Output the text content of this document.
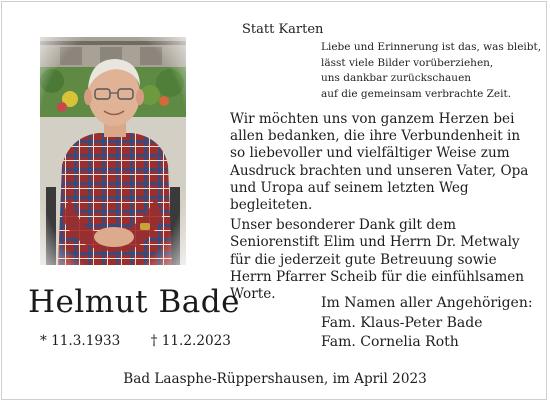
Statt Karten
Liebe und Erinnerung ist das, was bleibt,
lässt viele Bilder vorüberziehen,
uns dankbar zurückschauen
auf die gemeinsam verbrachte Zeit.

Wir möchten uns von ganzem Herzen bei allen bedanken, die ihre Verbundenheit in so liebevoller und vielfältiger Weise zum Ausdruck brachten und unseren Vater, Opa und Uropa auf seinem letzten Weg begleiteten.

Unser besonderer Dank gilt dem Seniorenstift Elim und Herrn Dr. Metwaly für die jederzeit gute Betreuung sowie Herrn Pfarrer Scheib für die einfühlsamen Worte.

Helmut Bade
* 11.3.1933 † 11.2.2023
Im Namen aller Angehörigen:
Fam. Klaus-Peter Bade
Fam. Cornelia Roth
Bad Laasphe-Rüppershausen, im April 2023
